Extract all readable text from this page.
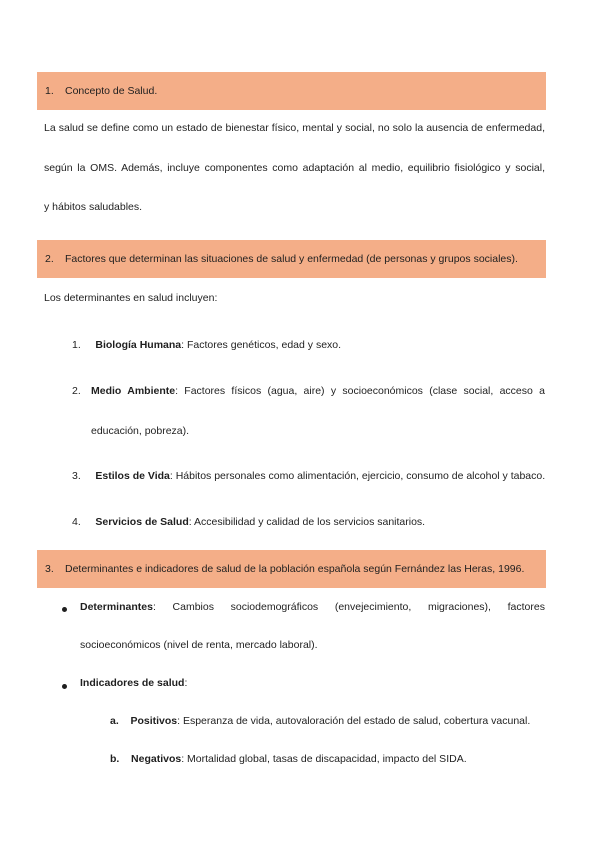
1.	Concepto de Salud.
La salud se define como un estado de bienestar físico, mental y social, no solo la ausencia de enfermedad,
según la OMS. Además, incluye componentes como adaptación al medio, equilibrio fisiológico y social,
y hábitos saludables.
2.	Factores que determinan las situaciones de salud y enfermedad (de personas y grupos sociales).
Los determinantes en salud incluyen:
1. Biología Humana: Factores genéticos, edad y sexo.
2. Medio Ambiente: Factores físicos (agua, aire) y socioeconómicos (clase social, acceso a
educación, pobreza).
3. Estilos de Vida: Hábitos personales como alimentación, ejercicio, consumo de alcohol y tabaco.
4. Servicios de Salud: Accesibilidad y calidad de los servicios sanitarios.
3.	Determinantes e indicadores de salud de la población española según Fernández las Heras, 1996.
Determinantes: Cambios sociodemográficos (envejecimiento, migraciones), factores
socioeconómicos (nivel de renta, mercado laboral).
Indicadores de salud:
a. Positivos: Esperanza de vida, autovaloración del estado de salud, cobertura vacunal.
b. Negativos: Mortalidad global, tasas de discapacidad, impacto del SIDA.
